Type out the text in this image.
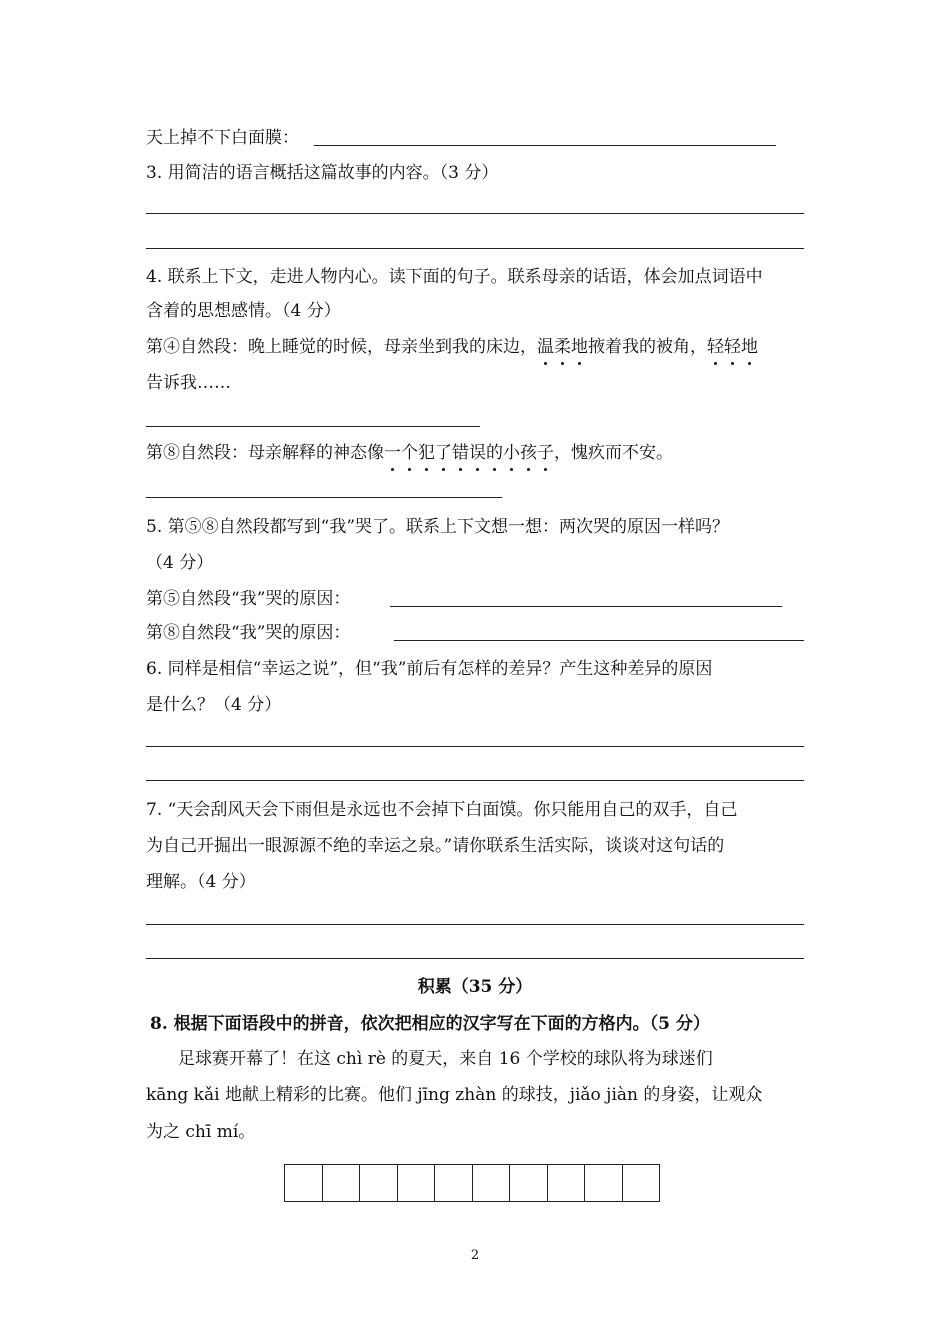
天上掉不下白面膜：
3. 用简洁的语言概括这篇故事的内容。（3 分）
4. 联系上下文，走进人物内心。读下面的句子。联系母亲的话语，体会加点词语中
含着的思想感情。（4 分）
第④自然段：晚上睡觉的时候，母亲坐到我的床边，温柔地掖着我的被角，轻轻地
告诉我……
第⑧自然段：母亲解释的神态像一个犯了错误的小孩子，愧疚而不安。
5. 第⑤⑧自然段都写到“我”哭了。联系上下文想一想：两次哭的原因一样吗？
（4 分）
第⑤自然段“我”哭的原因：
第⑧自然段“我”哭的原因：
6. 同样是相信“幸运之说”，但“我”前后有怎样的差异？产生这种差异的原因
是什么？（4 分）
7. “天会刮风天会下雨但是永远也不会掉下白面馍。你只能用自己的双手，自己
为自己开掘出一眼源源不绝的幸运之泉。”请你联系生活实际，谈谈对这句话的
理解。（4 分）
积累（35 分）
8. 根据下面语段中的拼音，依次把相应的汉字写在下面的方格内。（5 分）
足球赛开幕了！在这 chì rè 的夏天，来自 16 个学校的球队将为球迷们
kāng kǎi 地献上精彩的比赛。他们 jīng zhàn 的球技，jiǎo jiàn 的身姿，让观众
为之 chī mí。
2
